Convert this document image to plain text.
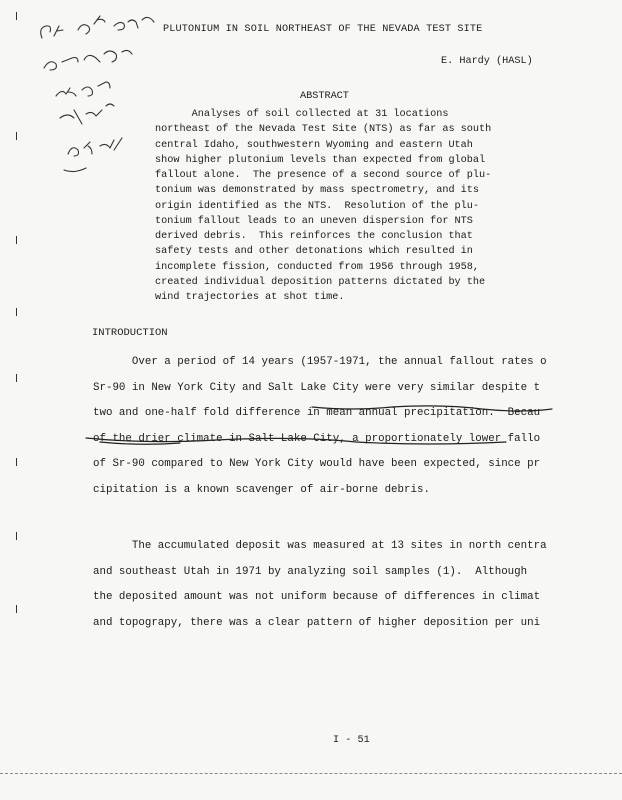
PLUTONIUM IN SOIL NORTHEAST OF THE NEVADA TEST SITE
E. Hardy (HASL)
ABSTRACT
Analyses of soil collected at 31 locations
northeast of the Nevada Test Site (NTS) as far as south
central Idaho, southwestern Wyoming and eastern Utah
show higher plutonium levels than expected from global
fallout alone.  The presence of a second source of plu-
tonium was demonstrated by mass spectrometry, and its
origin identified as the NTS.  Resolution of the plu-
tonium fallout leads to an uneven dispersion for NTS
derived debris.  This reinforces the conclusion that
safety tests and other detonations which resulted in
incomplete fission, conducted from 1956 through 1958,
created individual deposition patterns dictated by the
wind trajectories at shot time.
INTRODUCTION
Over a period of 14 years (1957-1971, the annual fallout rates o
Sr-90 in New York City and Salt Lake City were very similar despite t
two and one-half fold difference in mean annual precipitation.  Becau
of the drier climate in Salt Lake City, a proportionately lower fallo
of Sr-90 compared to New York City would have been expected, since pr
cipitation is a known scavenger of air-borne debris.
The accumulated deposit was measured at 13 sites in north centra
and southeast Utah in 1971 by analyzing soil samples (1).  Although
the deposited amount was not uniform because of differences in climat
and topograpy, there was a clear pattern of higher deposition per uni
I - 51
